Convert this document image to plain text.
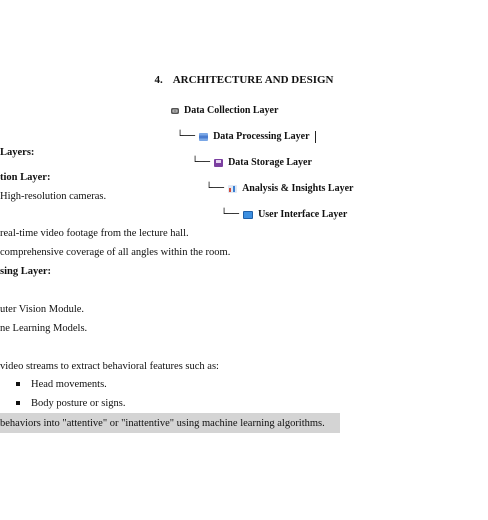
4. ARCHITECTURE AND DESIGN
Data Collection Layer
└── Data Processing Layer
└── Data Storage Layer
└── Analysis & Insights Layer
└── User Interface Layer
Layers:
tion Layer:
High-resolution cameras.
real-time video footage from the lecture hall.
comprehensive coverage of all angles within the room.
sing Layer:
uter Vision Module.
ne Learning Models.
video streams to extract behavioral features such as:
Head movements.
Body posture or signs.
behaviors into "attentive" or "inattentive" using machine learning algorithms.
